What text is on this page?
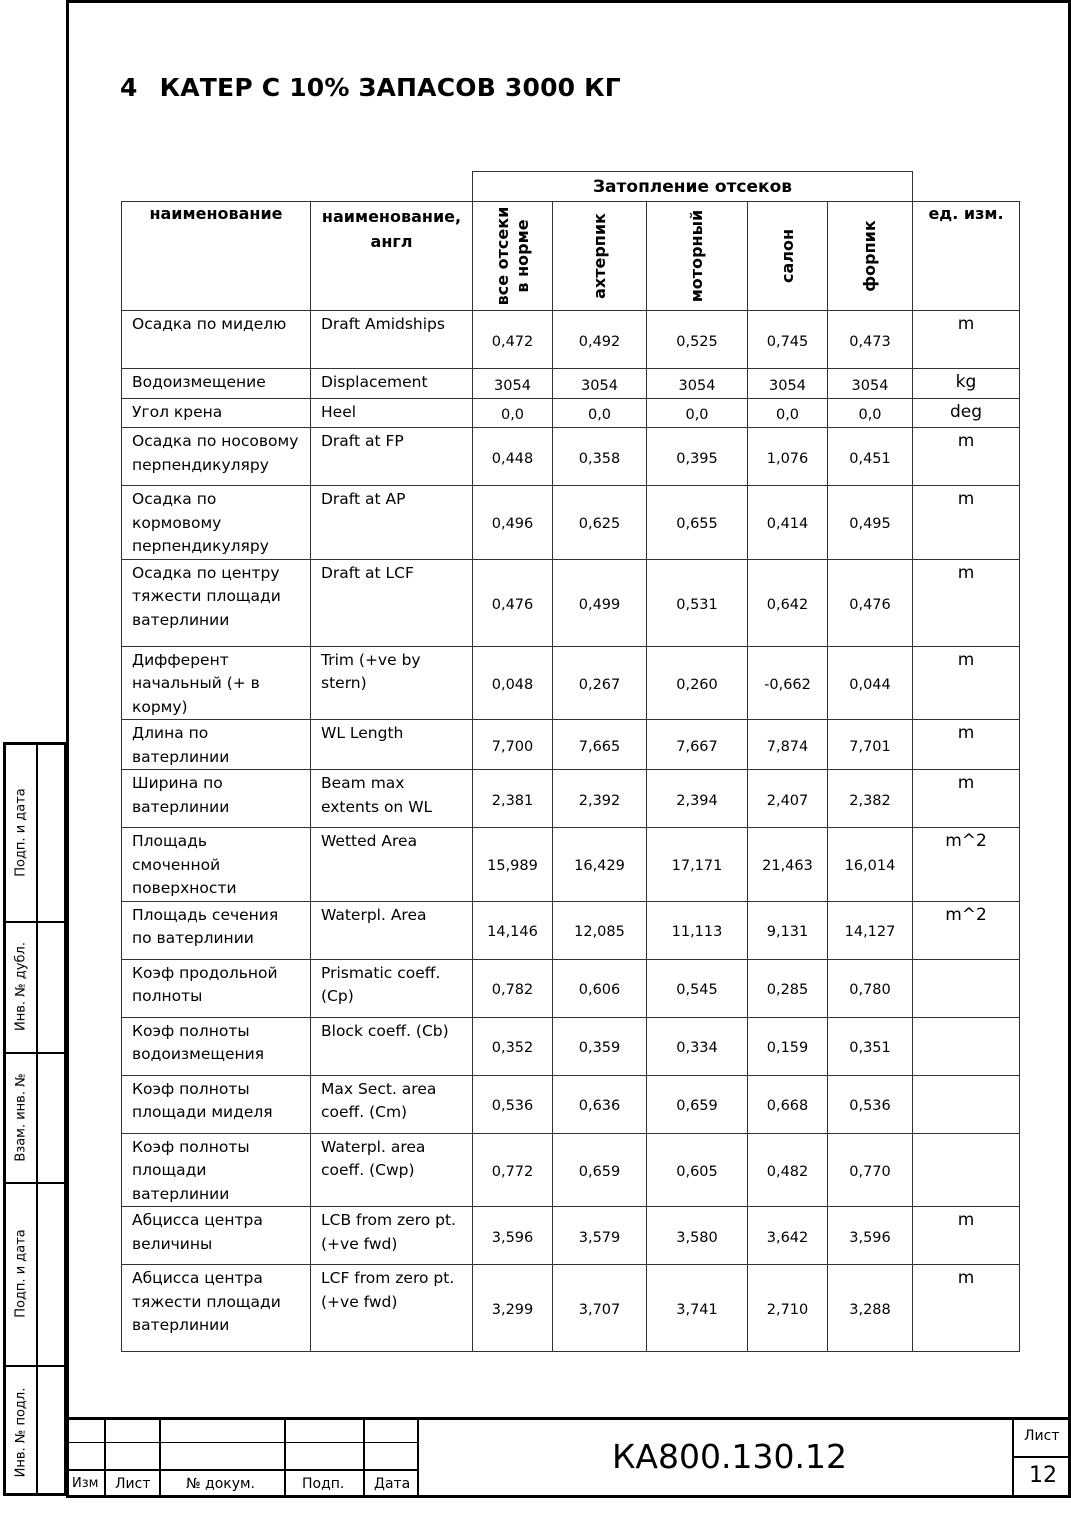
Подп. и дата
Инв. № дубл.
Взам. инв. №
Подп. и дата
Инв. № подл.
4 КАТЕР С 10% ЗАПАСОВ 3000 КГ
		Затопление отсеков					
наименование	наименование, англ	все отсеки в норме	ахтерпик	моторный	салон	форпик	ед. изм.
Осадка по миделю	Draft Amidships	0,472	0,492	0,525	0,745	0,473	m
Водоизмещение	Displacement	3054	3054	3054	3054	3054	kg
Угол крена	Heel	0,0	0,0	0,0	0,0	0,0	deg
Осадка по носовому перпендикуляру	Draft at FP	0,448	0,358	0,395	1,076	0,451	m
Осадка по кормовому перпендикуляру	Draft at AP	0,496	0,625	0,655	0,414	0,495	m
Осадка по центру тяжести площади ватерлинии	Draft at LCF	0,476	0,499	0,531	0,642	0,476	m
Дифферент начальный (+ в корму)	Trim (+ve by stern)	0,048	0,267	0,260	-0,662	0,044	m
Длина по ватерлинии	WL Length	7,700	7,665	7,667	7,874	7,701	m
Ширина по ватерлинии	Beam max extents on WL	2,381	2,392	2,394	2,407	2,382	m
Площадь смоченной поверхности	Wetted Area	15,989	16,429	17,171	21,463	16,014	m^2
Площадь сечения по ватерлинии	Waterpl. Area	14,146	12,085	11,113	9,131	14,127	m^2
Коэф продольной полноты	Prismatic coeff. (Cp)	0,782	0,606	0,545	0,285	0,780	
Коэф полноты водоизмещения	Block coeff. (Cb)	0,352	0,359	0,334	0,159	0,351	
Коэф полноты площади миделя	Max Sect. area coeff. (Cm)	0,536	0,636	0,659	0,668	0,536	
Коэф полноты площади ватерлинии	Waterpl. area coeff. (Cwp)	0,772	0,659	0,605	0,482	0,770	
Абцисса центра величины	LCB from zero pt. (+ve fwd)	3,596	3,579	3,580	3,642	3,596	m
Абцисса центра тяжести площади ватерлинии	LCF from zero pt. (+ve fwd)	3,299	3,707	3,741	2,710	3,288	m
Изм Лист	№ докум.	Подп. Дата
КА800.130.12
Лист
12
